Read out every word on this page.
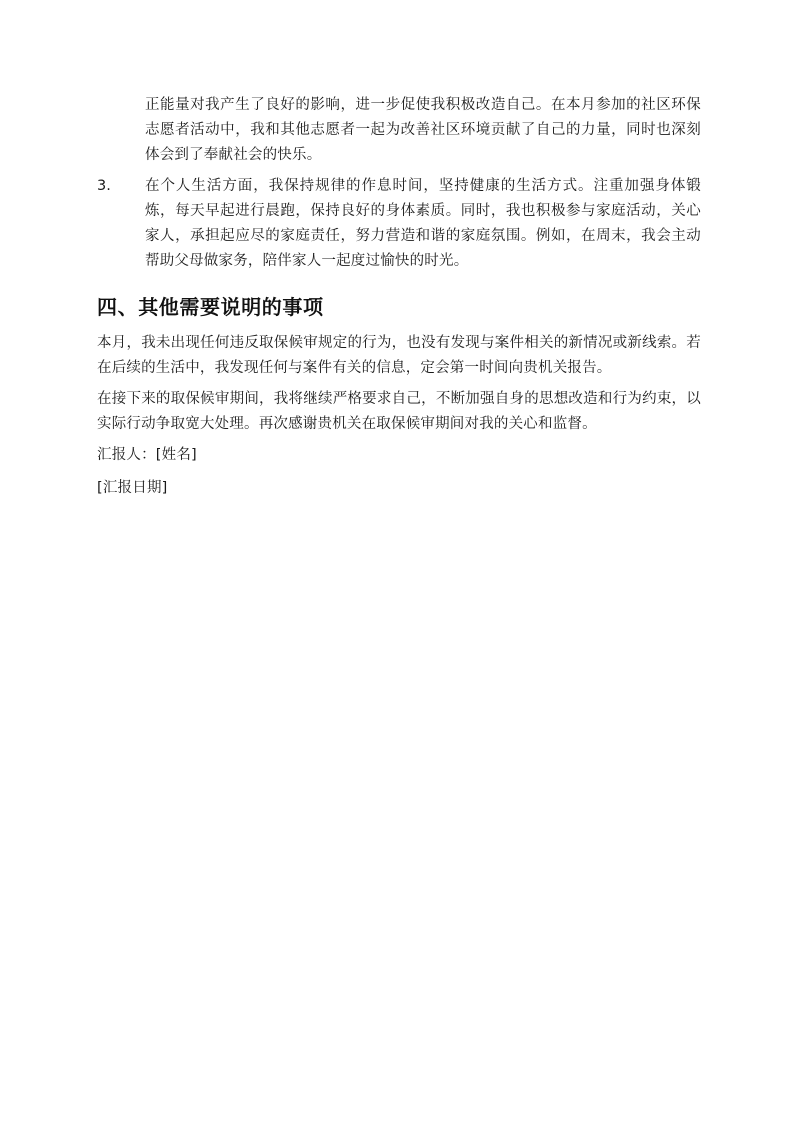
正能量对我产生了良好的影响，进一步促使我积极改造自己。在本月参加的社区环保志愿者活动中，我和其他志愿者一起为改善社区环境贡献了自己的力量，同时也深刻体会到了奉献社会的快乐。
3. 在个人生活方面，我保持规律的作息时间，坚持健康的生活方式。注重加强身体锻炼，每天早起进行晨跑，保持良好的身体素质。同时，我也积极参与家庭活动，关心家人，承担起应尽的家庭责任，努力营造和谐的家庭氛围。例如，在周末，我会主动帮助父母做家务，陪伴家人一起度过愉快的时光。
四、其他需要说明的事项
本月，我未出现任何违反取保候审规定的行为，也没有发现与案件相关的新情况或新线索。若在后续的生活中，我发现任何与案件有关的信息，定会第一时间向贵机关报告。
在接下来的取保候审期间，我将继续严格要求自己，不断加强自身的思想改造和行为约束，以实际行动争取宽大处理。再次感谢贵机关在取保候审期间对我的关心和监督。
汇报人：[姓名]
[汇报日期]
